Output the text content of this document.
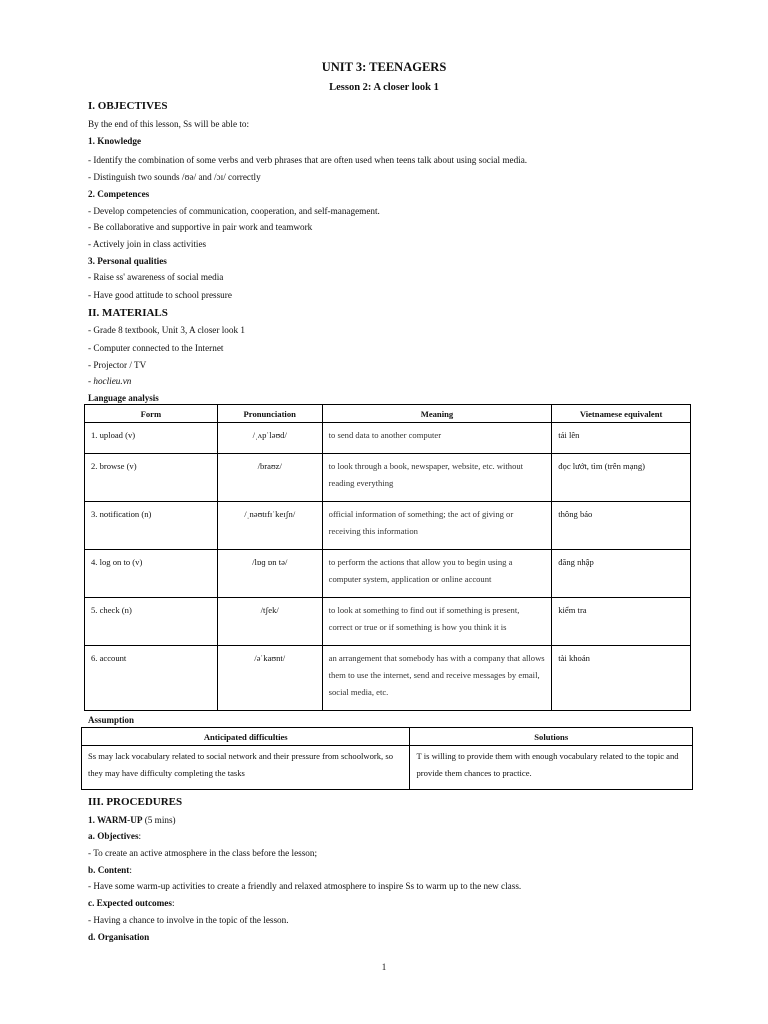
UNIT 3: TEENAGERS
Lesson 2: A closer look 1
I. OBJECTIVES
By the end of this lesson, Ss will be able to:
1. Knowledge
- Identify the combination of some verbs and verb phrases that are often used when teens talk about using social media.
- Distinguish two sounds /ʊə/ and /ɔɪ/ correctly
2. Competences
- Develop competencies of communication, cooperation, and self-management.
- Be collaborative and supportive in pair work and teamwork
- Actively join in class activities
3. Personal qualities
- Raise ss' awareness of social media
- Have good attitude to school pressure
II. MATERIALS
- Grade 8 textbook, Unit 3, A closer look 1
- Computer connected to the Internet
- Projector / TV
- hoclieu.vn
Language analysis
Form	Pronunciation	Meaning	Vietnamese equivalent

1. upload (v)	/ˌʌpˈləʊd/	to send data to another computer	tải lên

2. browse (v)	/braʊz/	to look through a book, newspaper, website, etc. without reading everything	đọc lướt, tìm (trên mạng)

3. notification (n)	/ˌnəʊtɪfɪˈkeɪʃn/	official information of something; the act of giving or receiving this information	thông báo

4. log on to (v)	/lɒɡ ɒn tə/	to perform the actions that allow you to begin using a computer system, application or online account	đăng nhập

5. check (n)	/tʃek/	to look at something to find out if something is present, correct or true or if something is how you think it is	kiểm tra

6. account	/əˈkaʊnt/	an arrangement that somebody has with a company that allows them to use the internet, send and receive messages by email, social media, etc.	tài khoản
Assumption
Anticipated difficulties	Solutions

Ss may lack vocabulary related to social network and their pressure from schoolwork, so they may have difficulty completing the tasks	T is willing to provide them with enough vocabulary related to the topic and provide them chances to practice.
III. PROCEDURES
1. WARM-UP (5 mins)
a. Objectives:
- To create an active atmosphere in the class before the lesson;
b. Content:
- Have some warm-up activities to create a friendly and relaxed atmosphere to inspire Ss to warm up to the new class.
c. Expected outcomes:
- Having a chance to involve in the topic of the lesson.
d. Organisation
1
